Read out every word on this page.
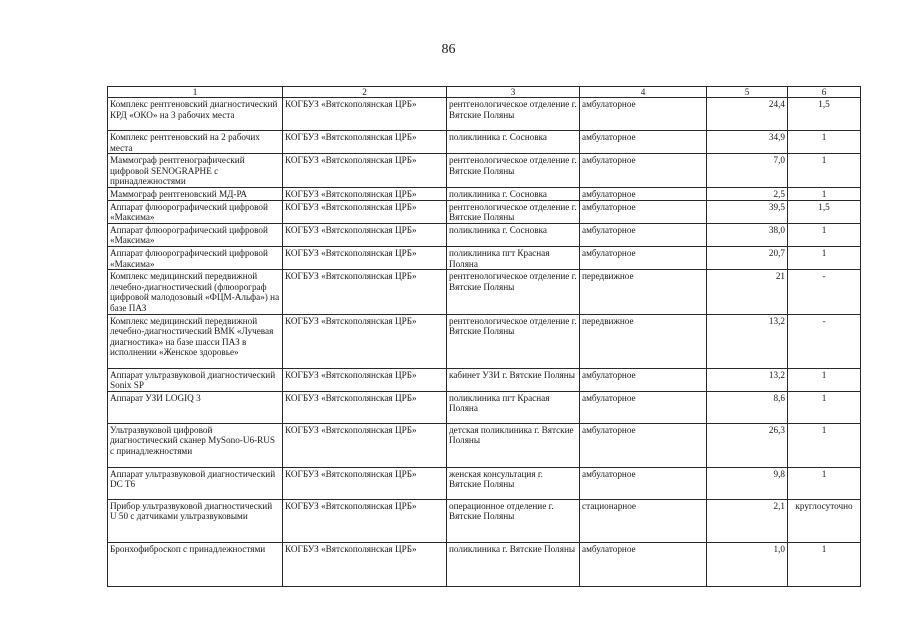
86
1	2	3	4	5	6
Комплекс рентгеновский диагностический КРД «ОКО» на 3 рабочих места	КОГБУЗ «Вятскополянская ЦРБ»	рентгенологическое отделение г. Вятские Поляны	амбулаторное	24,4	1,5
Комплекс рентгеновский на 2 рабочих места	КОГБУЗ «Вятскополянская ЦРБ»	поликлиника г. Сосновка	амбулаторное	34,9	1
Маммограф рентгенографический цифровой SENOGRAPHE с принадлежностями	КОГБУЗ «Вятскополянская ЦРБ»	рентгенологическое отделение г. Вятские Поляны	амбулаторное	7,0	1
Маммограф рентгеновский МД-РА	КОГБУЗ «Вятскополянская ЦРБ»	поликлиника г. Сосновка	амбулаторное	2,5	1
Аппарат флюорографический цифровой «Максима»	КОГБУЗ «Вятскополянская ЦРБ»	рентгенологическое отделение г. Вятские Поляны	амбулаторное	39,5	1,5
Аппарат флюорографический цифровой «Максима»	КОГБУЗ «Вятскополянская ЦРБ»	поликлиника г. Сосновка	амбулаторное	38,0	1
Аппарат флюорографический цифровой «Максима»	КОГБУЗ «Вятскополянская ЦРБ»	поликлиника пгт Красная Поляна	амбулаторное	20,7	1
Комплекс медицинский передвижной лечебно-диагностический (флюорограф цифровой малодозовый «ФЦМ-Альфа») на базе ПАЗ	КОГБУЗ «Вятскополянская ЦРБ»	рентгенологическое отделение г. Вятские Поляны	передвижное	21	-
Комплекс медицинский передвижной лечебно-диагностический ВМК «Лучевая диагностика» на базе шасси ПАЗ в исполнении «Женское здоровье»	КОГБУЗ «Вятскополянская ЦРБ»	рентгенологическое отделение г. Вятские Поляны	передвижное	13,2	-
Аппарат ультразвуковой диагностический Sonix SP	КОГБУЗ «Вятскополянская ЦРБ»	кабинет УЗИ г. Вятские Поляны	амбулаторное	13,2	1
Аппарат УЗИ LOGIQ 3	КОГБУЗ «Вятскополянская ЦРБ»	поликлиника пгт Красная Поляна	амбулаторное	8,6	1
Ультразвуковой цифровой диагностический сканер MySono-U6-RUS с принадлежностями	КОГБУЗ «Вятскополянская ЦРБ»	детская поликлиника г. Вятские Поляны	амбулаторное	26,3	1
Аппарат ультразвуковой диагностический DC T6	КОГБУЗ «Вятскополянская ЦРБ»	женская консультация г. Вятские Поляны	амбулаторное	9,8	1
Прибор ультразвуковой диагностический U 50 с датчиками ультразвуковыми	КОГБУЗ «Вятскополянская ЦРБ»	операционное отделение г. Вятские Поляны	стационарное	2,1	круглосуточно
Бронхофиброскоп с принадлежностями	КОГБУЗ «Вятскополянская ЦРБ»	поликлиника г. Вятские Поляны	амбулаторное	1,0	1
